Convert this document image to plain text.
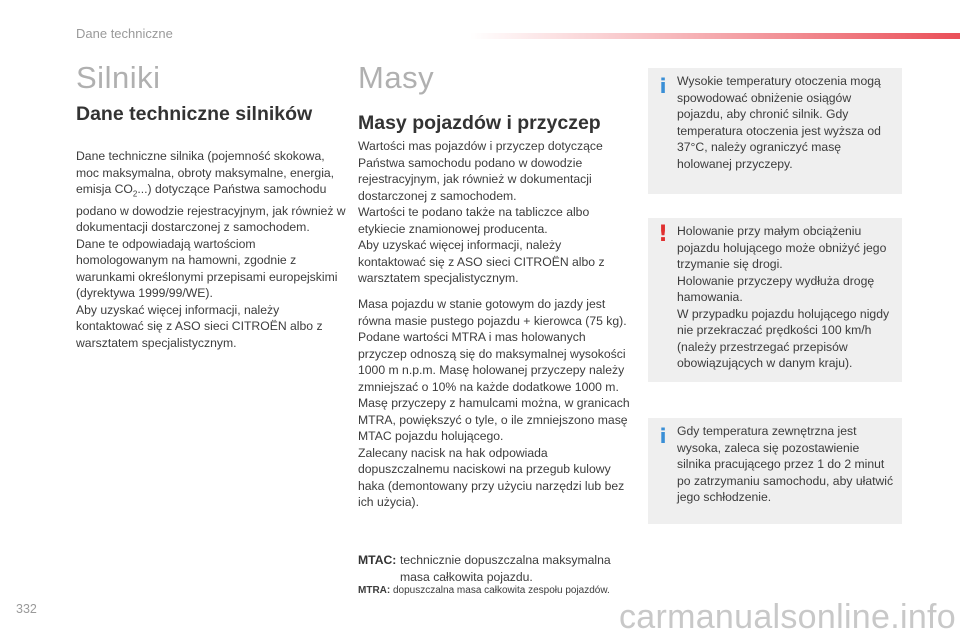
Dane techniczne
Silniki
Dane techniczne silników
Dane techniczne silnika (pojemność skokowa, moc maksymalna, obroty maksymalne, energia, emisja $CO_2$...) dotyczące Państwa samochodu podano w dowodzie rejestracyjnym, jak również w dokumentacji dostarczonej z samochodem.
Dane te odpowiadają wartościom homologowanym na hamowni, zgodnie z warunkami określonymi przepisami europejskimi (dyrektywa 1999/99/WE).
Aby uzyskać więcej informacji, należy kontaktować się z ASO sieci CITROËN albo z warsztatem specjalistycznym.
Masy
Masy pojazdów i przyczep
Wartości mas pojazdów i przyczep dotyczące Państwa samochodu podano w dowodzie rejestracyjnym, jak również w dokumentacji dostarczonej z samochodem.
Wartości te podano także na tabliczce albo etykiecie znamionowej producenta.
Aby uzyskać więcej informacji, należy kontaktować się z ASO sieci CITROËN albo z warsztatem specjalistycznym.
Masa pojazdu w stanie gotowym do jazdy jest równa masie pustego pojazdu + kierowca (75 kg).
Podane wartości MTRA i mas holowanych przyczep odnoszą się do maksymalnej wysokości 1000 m n.p.m. Masę holowanej przyczepy należy zmniejszać o 10% na każde dodatkowe 1000 m.
Masę przyczepy z hamulcami można, w granicach MTRA, powiększyć o tyle, o ile zmniejszono masę MTAC pojazdu holującego.
Zalecany nacisk na hak odpowiada dopuszczalnemu naciskowi na przegub kulowy haka (demontowany przy użyciu narzędzi lub bez ich użycia).
MTAC: technicznie dopuszczalna maksymalna masa całkowita pojazdu.
MTRA: dopuszczalna masa całkowita zespołu pojazdów.
i Wysokie temperatury otoczenia mogą spowodować obniżenie osiągów pojazdu, aby chronić silnik. Gdy temperatura otoczenia jest wyższa od 37°C, należy ograniczyć masę holowanej przyczepy.
! Holowanie przy małym obciążeniu pojazdu holującego może obniżyć jego trzymanie się drogi.
Holowanie przyczepy wydłuża drogę hamowania.
W przypadku pojazdu holującego nigdy nie przekraczać prędkości 100 km/h (należy przestrzegać przepisów obowiązujących w danym kraju).
i Gdy temperatura zewnętrzna jest wysoka, zaleca się pozostawienie silnika pracującego przez 1 do 2 minut po zatrzymaniu samochodu, aby ułatwić jego schłodzenie.
332	carmanualsonline.info
